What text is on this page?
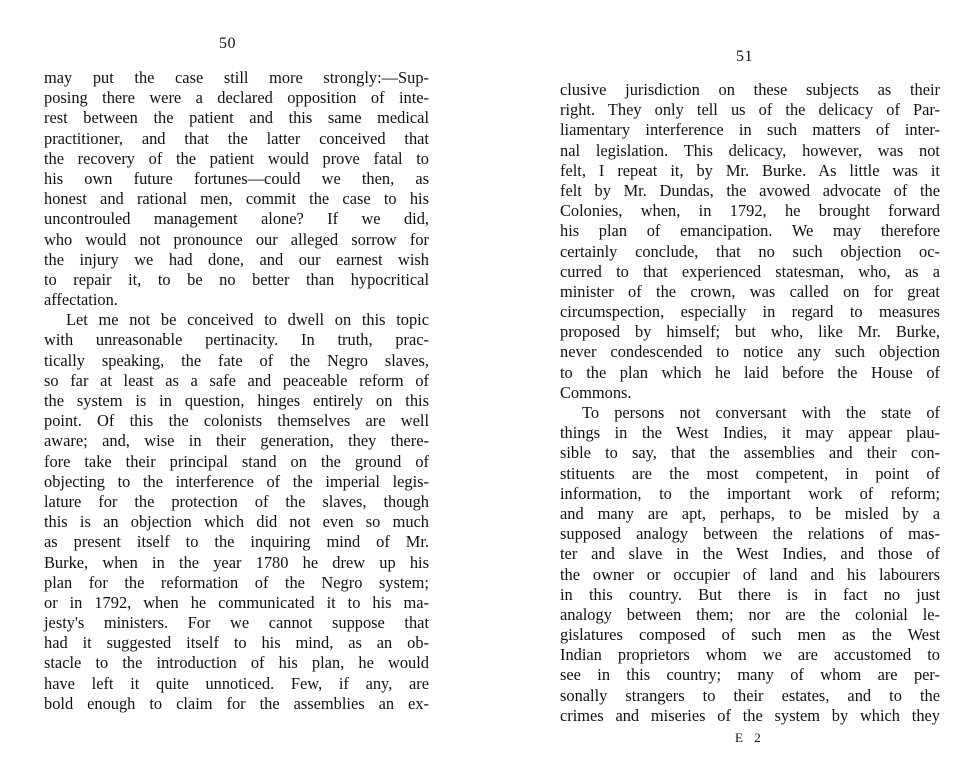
50
may put the case still more strongly:—Sup-
posing there were a declared opposition of inte-
rest between the patient and this same medical
practitioner, and that the latter conceived that
the recovery of the patient would prove fatal to
his own future fortunes—could we then, as
honest and rational men, commit the case to his
uncontrouled management alone? If we did,
who would not pronounce our alleged sorrow for
the injury we had done, and our earnest wish
to repair it, to be no better than hypocritical
affectation.
Let me not be conceived to dwell on this topic
with unreasonable pertinacity. In truth, prac-
tically speaking, the fate of the Negro slaves,
so far at least as a safe and peaceable reform of
the system is in question, hinges entirely on this
point. Of this the colonists themselves are well
aware; and, wise in their generation, they there-
fore take their principal stand on the ground of
objecting to the interference of the imperial legis-
lature for the protection of the slaves, though
this is an objection which did not even so much
as present itself to the inquiring mind of Mr.
Burke, when in the year 1780 he drew up his
plan for the reformation of the Negro system;
or in 1792, when he communicated it to his ma-
jesty's ministers. For we cannot suppose that
had it suggested itself to his mind, as an ob-
stacle to the introduction of his plan, he would
have left it quite unnoticed. Few, if any, are
bold enough to claim for the assemblies an ex-
51
clusive jurisdiction on these subjects as their
right. They only tell us of the delicacy of Par-
liamentary interference in such matters of inter-
nal legislation. This delicacy, however, was not
felt, I repeat it, by Mr. Burke. As little was it
felt by Mr. Dundas, the avowed advocate of the
Colonies, when, in 1792, he brought forward
his plan of emancipation. We may therefore
certainly conclude, that no such objection oc-
curred to that experienced statesman, who, as a
minister of the crown, was called on for great
circumspection, especially in regard to measures
proposed by himself; but who, like Mr. Burke,
never condescended to notice any such objection
to the plan which he laid before the House of
Commons.
To persons not conversant with the state of
things in the West Indies, it may appear plau-
sible to say, that the assemblies and their con-
stituents are the most competent, in point of
information, to the important work of reform;
and many are apt, perhaps, to be misled by a
supposed analogy between the relations of mas-
ter and slave in the West Indies, and those of
the owner or occupier of land and his labourers
in this country. But there is in fact no just
analogy between them; nor are the colonial le-
gislatures composed of such men as the West
Indian proprietors whom we are accustomed to
see in this country; many of whom are per-
sonally strangers to their estates, and to the
crimes and miseries of the system by which they
E 2
